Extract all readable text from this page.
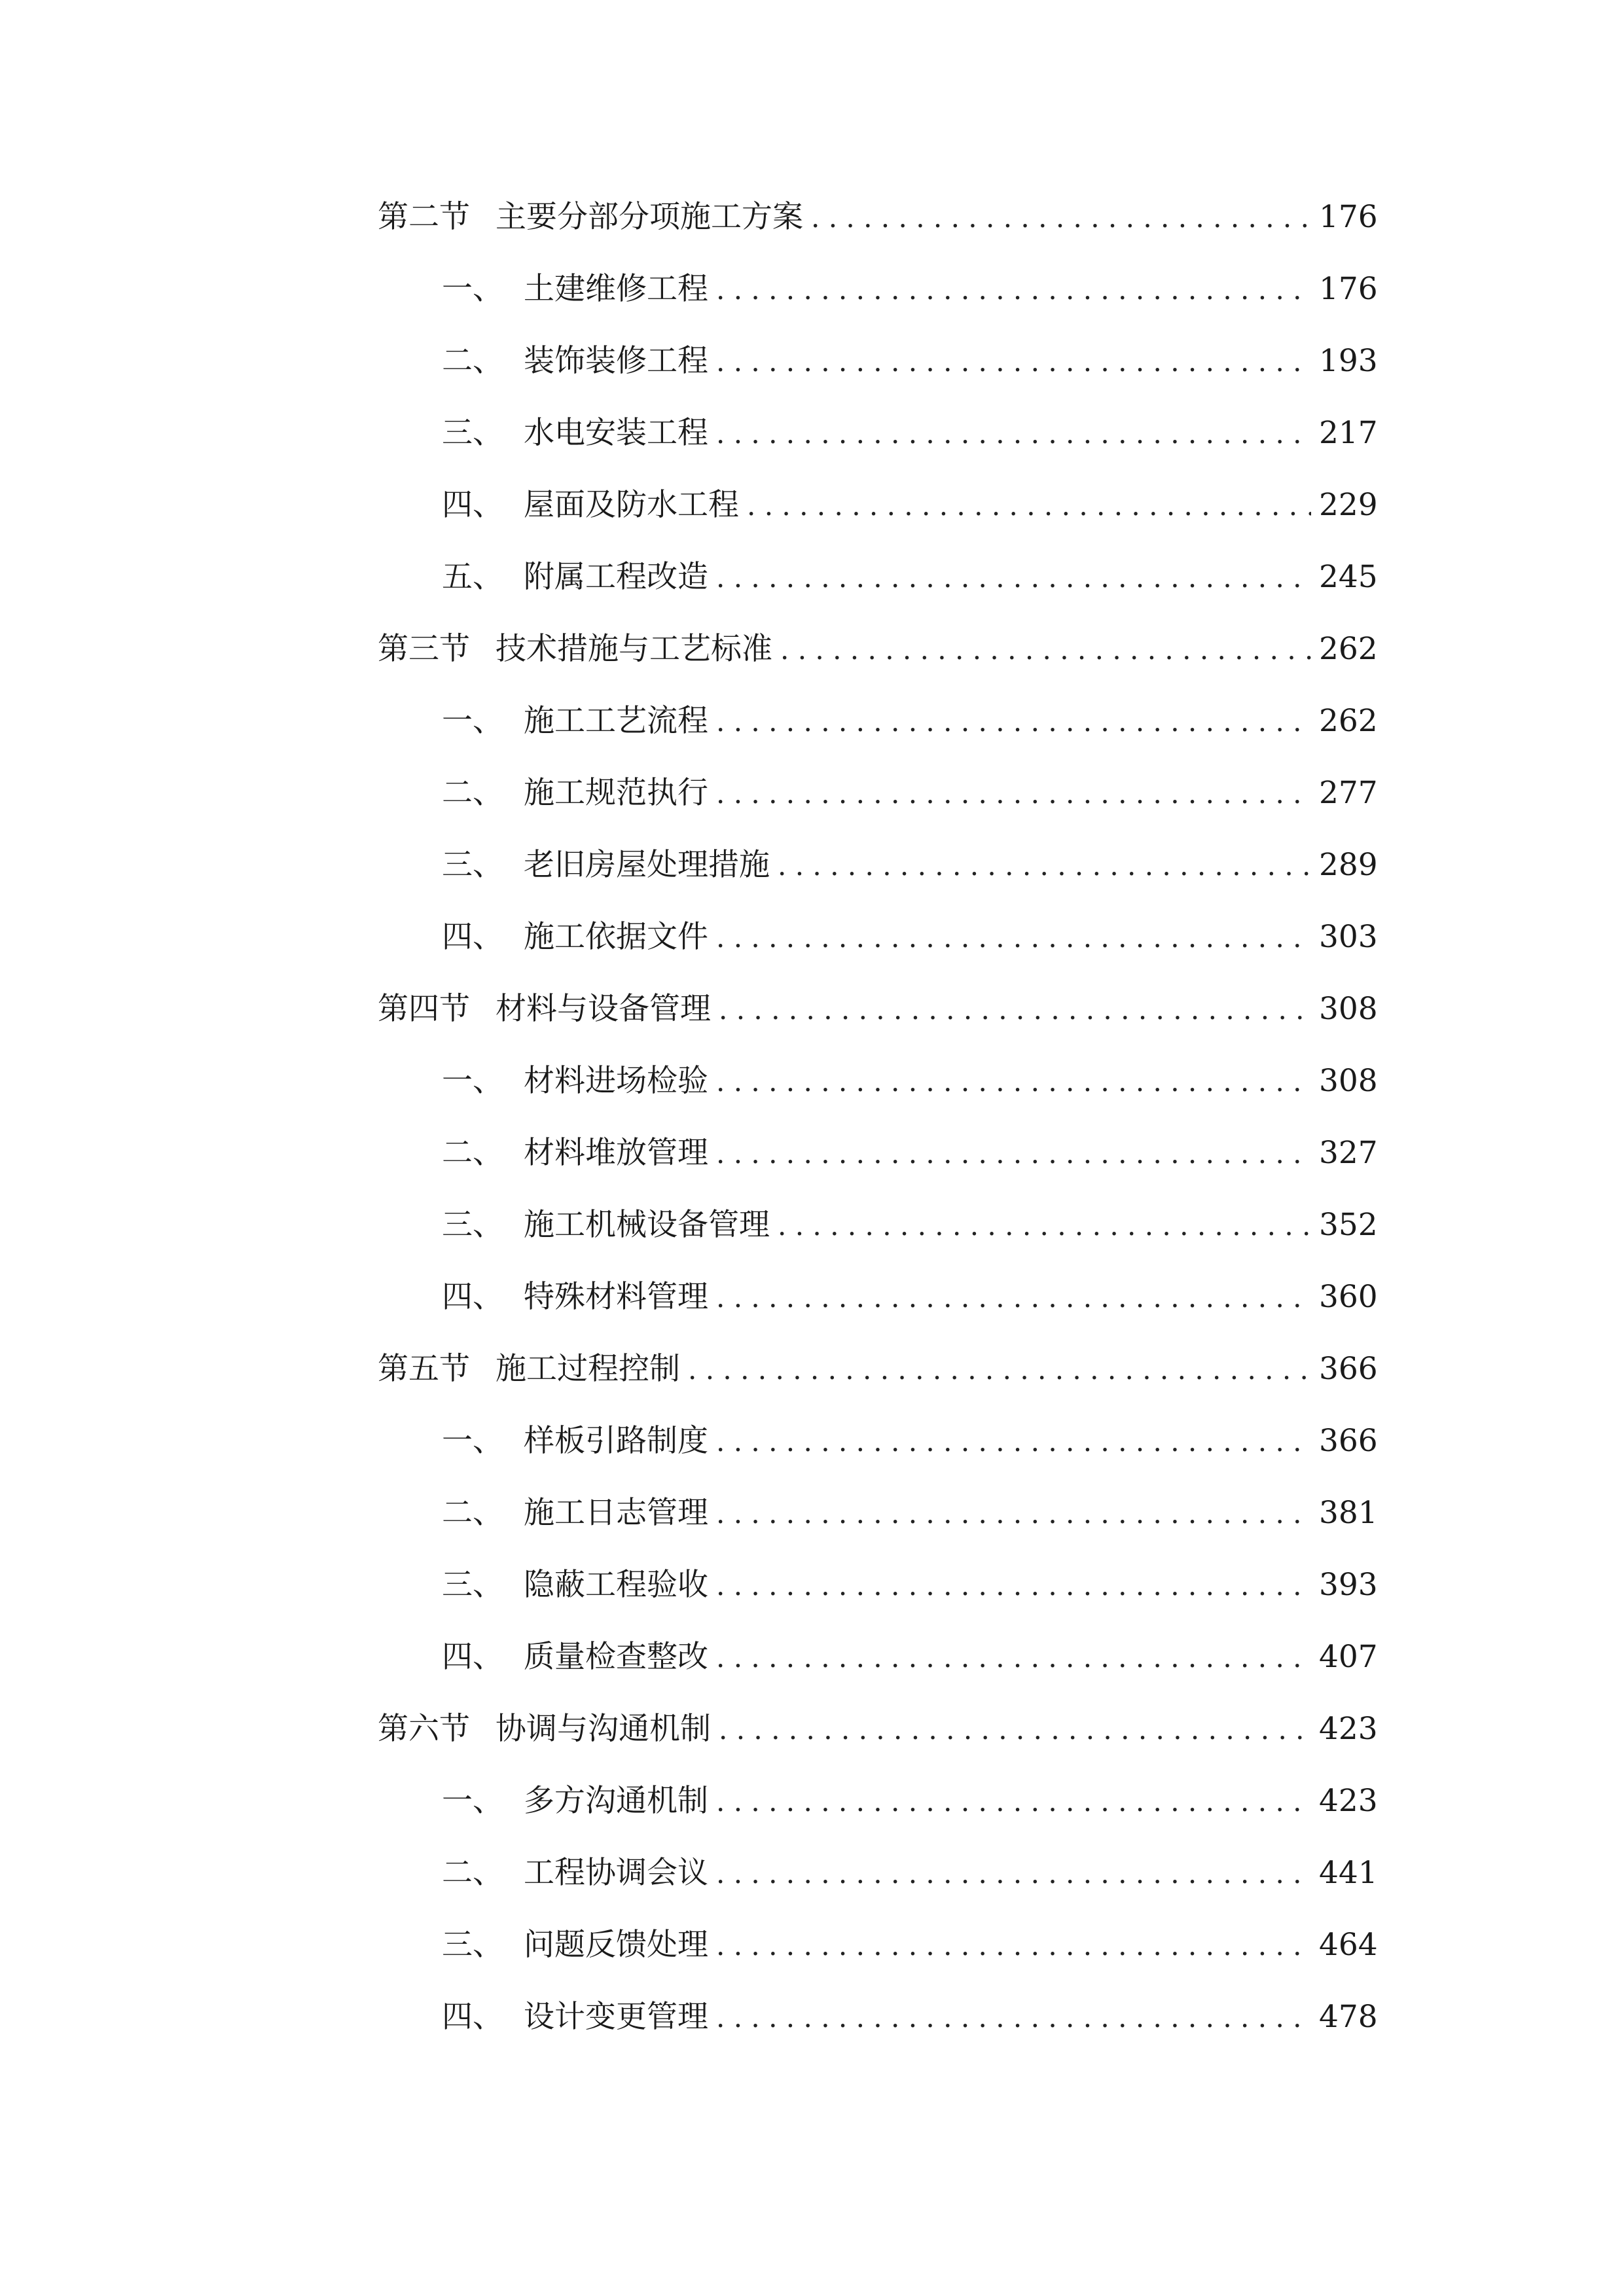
第二节 主要分部分项施工方案 . . .	176
一、 土建维修工程 . . .	176
二、 装饰装修工程 . . .	193
三、 水电安装工程 . . .	217
四、 屋面及防水工程 . . .	229
五、 附属工程改造 . . .	245
第三节 技术措施与工艺标准 . . .	262
一、 施工工艺流程 . . .	262
二、 施工规范执行 . . .	277
三、 老旧房屋处理措施 . . .	289
四、 施工依据文件 . . .	303
第四节 材料与设备管理 . . .	308
一、 材料进场检验 . . .	308
二、 材料堆放管理 . . .	327
三、 施工机械设备管理 . . .	352
四、 特殊材料管理 . . .	360
第五节 施工过程控制 . . .	366
一、 样板引路制度 . . .	366
二、 施工日志管理 . . .	381
三、 隐蔽工程验收 . . .	393
四、 质量检查整改 . . .	407
第六节 协调与沟通机制 . . .	423
一、 多方沟通机制 . . .	423
二、 工程协调会议 . . .	441
三、 问题反馈处理 . . .	464
四、 设计变更管理 . . .	478
